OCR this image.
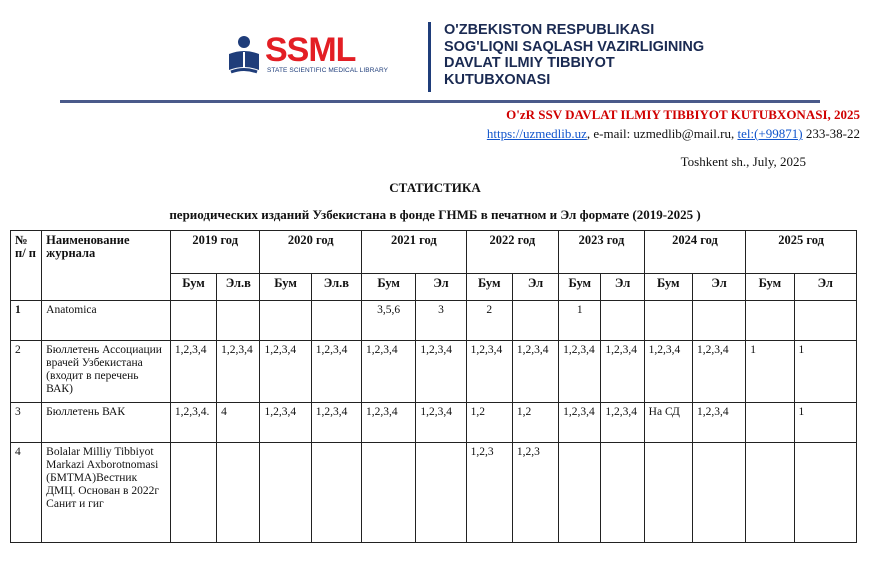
SSML
STATE SCIENTIFIC MEDICAL LIBRARY
O'ZBEKISTON RESPUBLIKASI
SOG'LIQNI SAQLASH VAZIRLIGINING
DAVLAT ILMIY TIBBIYOT
KUTUBXONASI
O'zR SSV DAVLAT ILMIY TIBBIYOT KUTUBXONASI, 2025
https://uzmedlib.uz, e-mail: uzmedlib@mail.ru, tel:(+99871) 233-38-22
Toshkent sh., July, 2025
СТАТИСТИКА
периодических изданий Узбекистана в фонде ГНМБ в печатном и Эл формате (2019-2025 )
№ п/ п	Наименование журнала	2019 год		2020 год		2021 год		2022 год		2023 год		2024 год		2025 год	
		Бум	Эл.в	Бум	Эл.в	Бум	Эл	Бум	Эл	Бум	Эл	Бум	Эл	Бум	Эл
1	Anatomica					3,5,6	3	2		1					
2	Бюллетень Ассоциации врачей Узбекистана (входит в перечень ВАК)	1,2,3,4	1,2,3,4	1,2,3,4	1,2,3,4	1,2,3,4	1,2,3,4	1,2,3,4	1,2,3,4	1,2,3,4	1,2,3,4	1,2,3,4	1,2,3,4	1	1
3	Бюллетень ВАК	1,2,3,4.	4	1,2,3,4	1,2,3,4	1,2,3,4	1,2,3,4	1,2	1,2	1,2,3,4	1,2,3,4	На СД	1,2,3,4		1
4	Bolalar Milliy Tibbiyot Markazi Axborotnomasi (БМТМА)Вестник ДМЦ. Основан в 2022г Санит и гиг							1,2,3	1,2,3						
